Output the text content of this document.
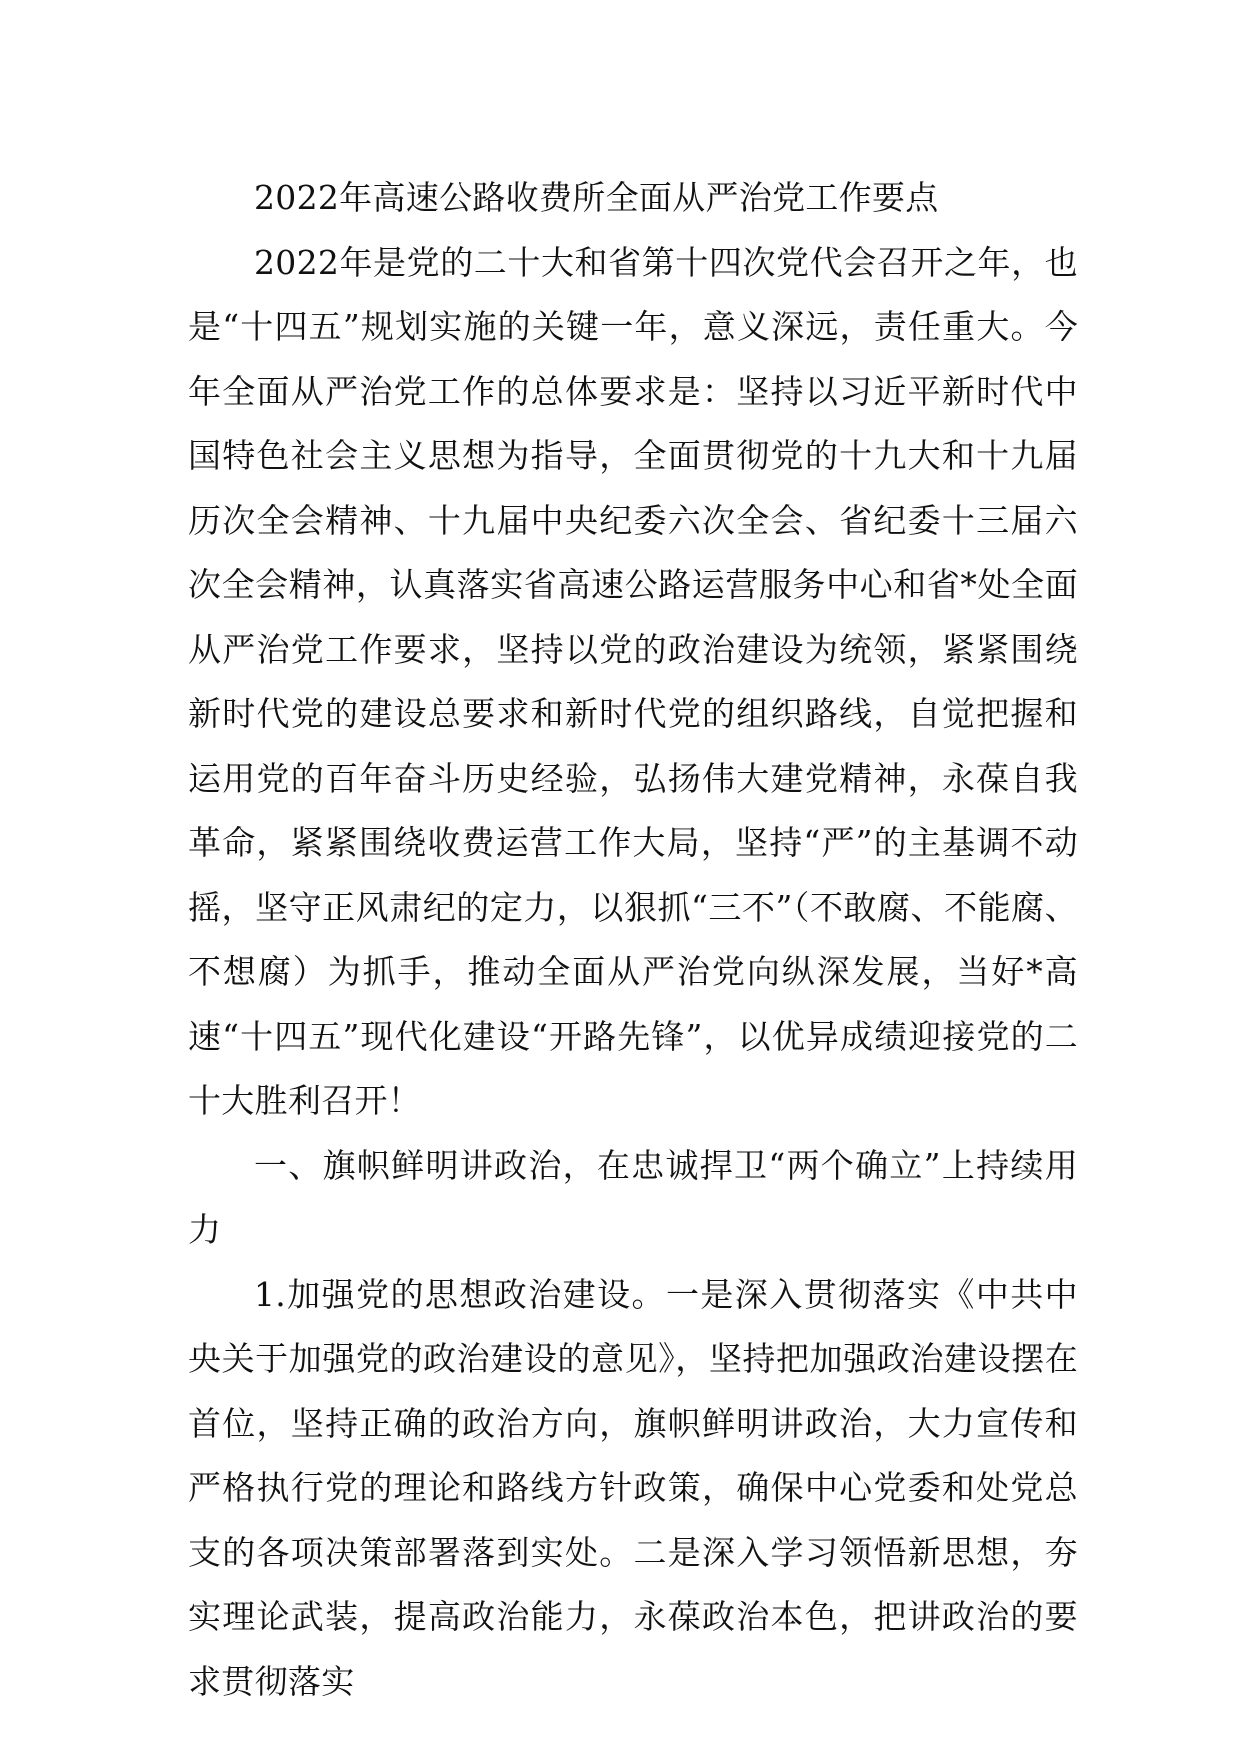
2022年高速公路收费所全面从严治党工作要点

2022年是党的二十大和省第十四次党代会召开之年，也是“十四五”规划实施的关键一年，意义深远，责任重大。今年全面从严治党工作的总体要求是：坚持以习近平新时代中国特色社会主义思想为指导，全面贯彻党的十九大和十九届历次全会精神、十九届中央纪委六次全会、省纪委十三届六次全会精神，认真落实省高速公路运营服务中心和省*处全面从严治党工作要求，坚持以党的政治建设为统领，紧紧围绕新时代党的建设总要求和新时代党的组织路线，自觉把握和运用党的百年奋斗历史经验，弘扬伟大建党精神，永葆自我革命，紧紧围绕收费运营工作大局，坚持“严”的主基调不动摇，坚守正风肃纪的定力，以狠抓“三不”（不敢腐、不能腐、不想腐）为抓手，推动全面从严治党向纵深发展，当好*高速“十四五”现代化建设“开路先锋”，以优异成绩迎接党的二十大胜利召开！

一、旗帜鲜明讲政治，在忠诚捍卫“两个确立”上持续用力

1.加强党的思想政治建设。一是深入贯彻落实《中共中央关于加强党的政治建设的意见》，坚持把加强政治建设摆在首位，坚持正确的政治方向，旗帜鲜明讲政治，大力宣传和严格执行党的理论和路线方针政策，确保中心党委和处党总支的各项决策部署落到实处。二是深入学习领悟新思想，夯实理论武装，提高政治能力，永葆政治本色，把讲政治的要求贯彻落实
